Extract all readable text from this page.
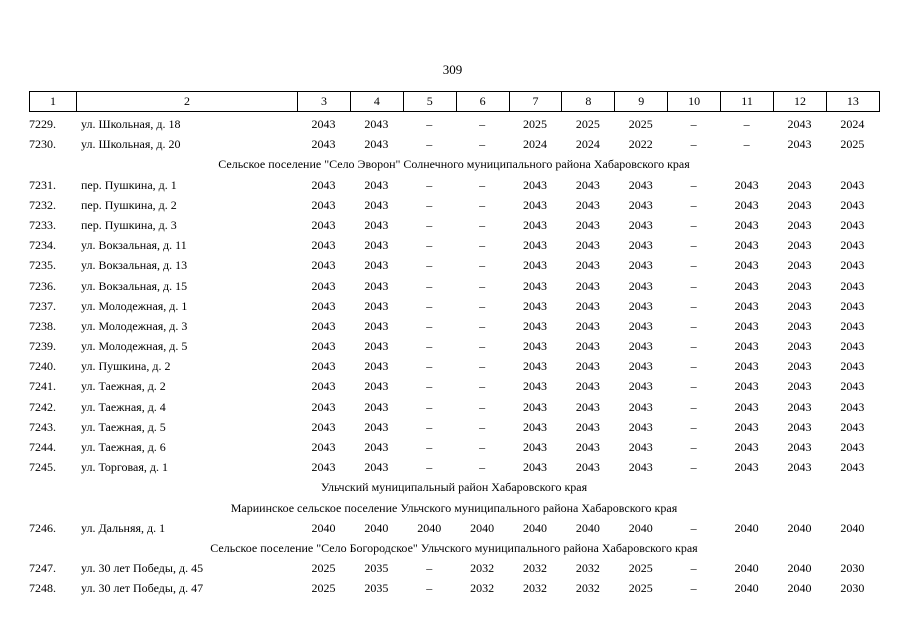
309
1	2	3	4	5	6	7	8	9	10	11	12	13
7229.	ул. Школьная, д. 18	2043	2043	–	–	2025	2025	2025	–	–	2043	2024
7230.	ул. Школьная, д. 20	2043	2043	–	–	2024	2024	2022	–	–	2043	2025
Сельское поселение "Село Эворон" Солнечного муниципального района Хабаровского края
7231.	пер. Пушкина, д. 1	2043	2043	–	–	2043	2043	2043	–	2043	2043	2043
7232.	пер. Пушкина, д. 2	2043	2043	–	–	2043	2043	2043	–	2043	2043	2043
7233.	пер. Пушкина, д. 3	2043	2043	–	–	2043	2043	2043	–	2043	2043	2043
7234.	ул. Вокзальная, д. 11	2043	2043	–	–	2043	2043	2043	–	2043	2043	2043
7235.	ул. Вокзальная, д. 13	2043	2043	–	–	2043	2043	2043	–	2043	2043	2043
7236.	ул. Вокзальная, д. 15	2043	2043	–	–	2043	2043	2043	–	2043	2043	2043
7237.	ул. Молодежная, д. 1	2043	2043	–	–	2043	2043	2043	–	2043	2043	2043
7238.	ул. Молодежная, д. 3	2043	2043	–	–	2043	2043	2043	–	2043	2043	2043
7239.	ул. Молодежная, д. 5	2043	2043	–	–	2043	2043	2043	–	2043	2043	2043
7240.	ул. Пушкина, д. 2	2043	2043	–	–	2043	2043	2043	–	2043	2043	2043
7241.	ул. Таежная, д. 2	2043	2043	–	–	2043	2043	2043	–	2043	2043	2043
7242.	ул. Таежная, д. 4	2043	2043	–	–	2043	2043	2043	–	2043	2043	2043
7243.	ул. Таежная, д. 5	2043	2043	–	–	2043	2043	2043	–	2043	2043	2043
7244.	ул. Таежная, д. 6	2043	2043	–	–	2043	2043	2043	–	2043	2043	2043
7245.	ул. Торговая, д. 1	2043	2043	–	–	2043	2043	2043	–	2043	2043	2043
Ульчский муниципальный район Хабаровского края
Мариинское сельское поселение Ульчского муниципального района Хабаровского края
7246.	ул. Дальняя, д. 1	2040	2040	2040	2040	2040	2040	2040	–	2040	2040	2040
Сельское поселение "Село Богородское" Ульчского муниципального района Хабаровского края
7247.	ул. 30 лет Победы, д. 45	2025	2035	–	2032	2032	2032	2025	–	2040	2040	2030
7248.	ул. 30 лет Победы, д. 47	2025	2035	–	2032	2032	2032	2025	–	2040	2040	2030
